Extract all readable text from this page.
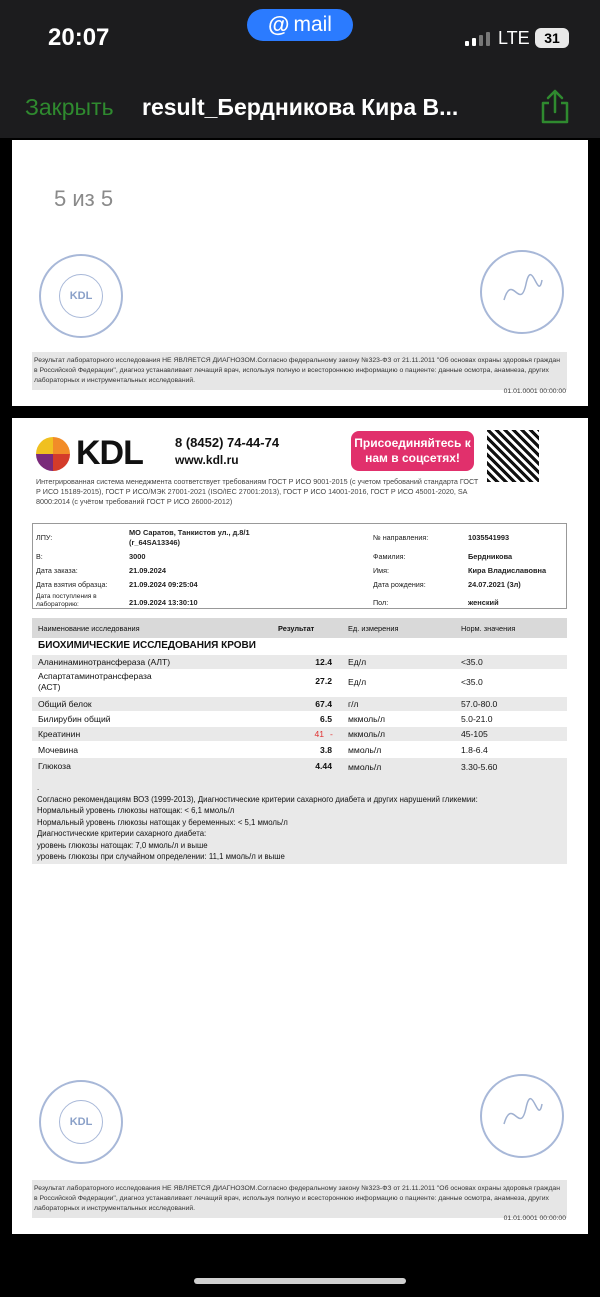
20:07	@ mail
LTE	31
Закрыть result_Бердникова Кира В...
5 из 5
KDL
Результат лабораторного исследования НЕ ЯВЛЯЕТСЯ ДИАГНОЗОМ.Согласно федеральному закону №323-ФЗ от 21.11.2011 "Об основах охраны здоровья граждан в Российской Федерации", диагноз устанавливает лечащий врач, используя полную и всестороннюю информацию о пациенте: данные осмотра, анамнеза, других лабораторных и инструментальных исследований.
01.01.0001 00:00:00
KDL 8 (8452) 74-44-74
www.kdl.ru
Присоединяйтесь к нам в соцсетях!
Интегрированная система менеджмента соответствует требованиям ГОСТ Р ИСО 9001-2015 (с учетом требований стандарта ГОСТ Р ИСО 15189-2015), ГОСТ Р ИСО/МЭК 27001-2021 (ISO/IEC 27001:2013), ГОСТ Р ИСО 14001-2016, ГОСТ Р ИСО 45001-2020, SA 8000:2014 (с учётом требований ГОСТ Р ИСО 26000-2012)
ЛПУ:
МО Саратов, Танкистов ул., д.8/1
(r_64SA13346)
В:	3000
Дата заказа:	21.09.2024
Дата взятия образца:	21.09.2024 09:25:04
Дата поступления в
лабораторию:	21.09.2024 13:30:10
№ направления:	1035541993
Фамилия:	Бердникова
Имя:	Кира Владиславовна
Дата рождения:	24.07.2021 (3л)
Пол:	женский
Наименование исследования	Результат	Ед. измерения	Норм. значения
БИОХИМИЧЕСКИЕ ИССЛЕДОВАНИЯ КРОВИ
Аланинаминотрансфераза (АЛТ)	12.4 Ед/л	<35.0
Аспартатаминотрансфераза
(АСТ)
27.2 Ед/л	<35.0
Общий белок	67.4 г/л	57.0-80.0
Билирубин общий	6.5 мкмоль/л	5.0-21.0
Креатинин	41 - мкмоль/л	45-105
Мочевина	3.8 ммоль/л	1.8-6.4
Глюкоза	4.44 ммоль/л	3.30-5.60
.
Согласно рекомендациям ВОЗ (1999-2013), Диагностические критерии сахарного диабета и других нарушений гликемии:
Нормальный уровень глюкозы натощак: < 6,1 ммоль/л
Нормальный уровень глюкозы натощак у беременных: < 5,1 ммоль/л
Диагностические критерии сахарного диабета:
уровень глюкозы натощак: 7,0 ммоль/л и выше
уровень глюкозы при случайном определении: 11,1 ммоль/л и выше
KDL
Результат лабораторного исследования НЕ ЯВЛЯЕТСЯ ДИАГНОЗОМ.Согласно федеральному закону №323-ФЗ от 21.11.2011 "Об основах охраны здоровья граждан в Российской Федерации", диагноз устанавливает лечащий врач, используя полную и всестороннюю информацию о пациенте: данные осмотра, анамнеза, других лабораторных и инструментальных исследований.
01.01.0001 00:00:00
